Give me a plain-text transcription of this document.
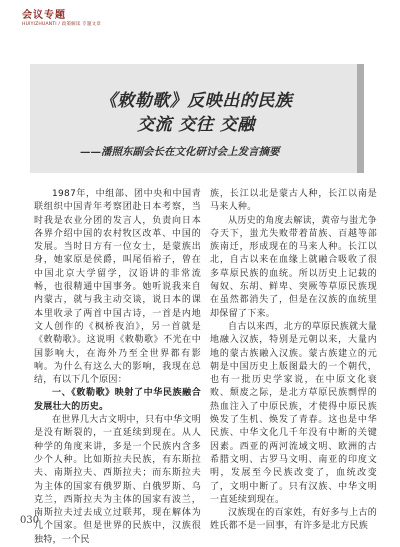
会议专题
HUIYIZHUANTI / 政策解读 专题文章
《敕勒歌》反映出的民族
交流 交往 交融
——潘照东副会长在文化研讨会上发言摘要

1987年，中组部、团中央和中国青联组织中国青年考察团赴日本考察，当时我是农业分团的发言人，负责向日本各界介绍中国的农村牧区改革、中国的发展。当时日方有一位女士，是蒙族出身，她家原是侯爵，叫尾佰裕子，曾在中国北京大学留学，汉语讲的非常流畅，也很精通中国事务。她听说我来自内蒙古，就与我主动交谈，说日本的课本里收录了两首中国古诗，一首是内地文人创作的《枫桥夜泊》，另一首就是《敕勒歌》。这说明《敕勒歌》不光在中国影响大，在海外乃至全世界都有影响。为什么有这么大的影响，我现在总结，有以下几个原因：

一、《敕勒歌》映射了中华民族融合发展壮大的历史。

在世界几大古文明中，只有中华文明是没有断裂的，一直延续到现在。从人种学的角度来讲，多是一个民族内含多少个人种。比如斯拉夫民族，有东斯拉夫、南斯拉夫、西斯拉夫；而东斯拉夫为主体的国家有俄罗斯、白俄罗斯、乌克兰，西斯拉夫为主体的国家有波兰，南斯拉夫过去成立过联邦，现在解体为几个国家。但是世界的民族中，汉族很独特，一个民

族，长江以北是蒙古人种，长江以南是马来人种。

从历史的角度去解读，黄帝与蚩尤争夺天下，蚩尤失败带着苗族、百越等部族南迁，形成现在的马来人种。长江以北，自古以来在血缘上就融合吸收了很多草原民族的血统。所以历史上记载的匈奴、东胡、鲜卑、突厥等草原民族现在虽然都消失了，但是在汉族的血统里却保留了下来。

自古以来西，北方的草原民族就大量地融入汉族，特别是元朝以来，大量内地的蒙古族融入汉族。蒙古族建立的元朝是中国历史上版图最大的一个朝代，也有一批历史学家说，在中原文化衰败、颓废之际，是北方草原民族剽悍的热血注入了中原民族，才使得中原民族焕发了生机、焕发了青春。这也是中华民族、中华文化几千年没有中断的关键因素。西亚的两河流域文明、欧洲的古希腊文明、古罗马文明、南亚的印度文明，发展至今民族改变了，血统改变了，文明中断了。只有汉族、中华文明一直延续到现在。

汉族现在的百家姓，有好多与上古的姓氏都不是一回事，有许多是北方民族

030
